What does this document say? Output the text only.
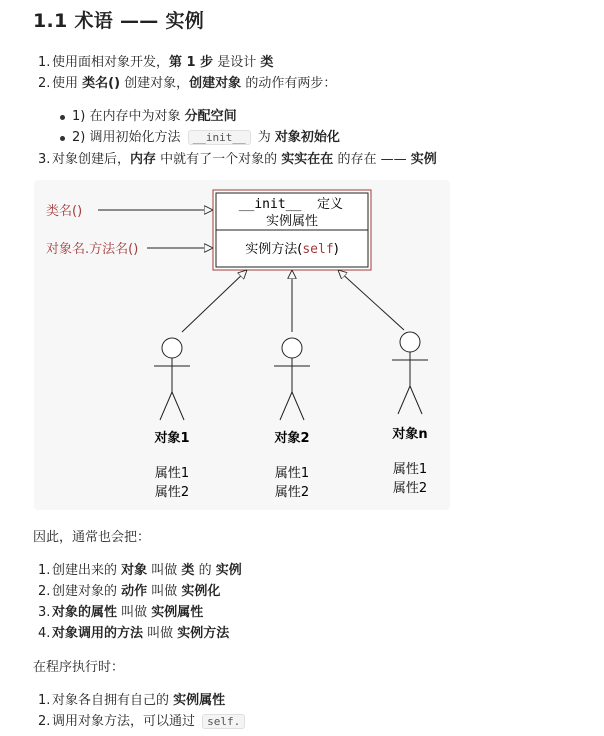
1.1 术语 —— 实例
1. 使用面相对象开发，第 1 步 是设计 类
2. 使用 类名() 创建对象，创建对象 的动作有两步：
1) 在内存中为对象 分配空间
2) 调用初始化方法 __init__ 为 对象初始化
3. 对象创建后，内存 中就有了一个对象的 实实在在 的存在 —— 实例
类名()
对象名.方法名()
__init__ 定义
实例属性
实例方法(self)
对象1
属性1
属性2
对象2
属性1
属性2
对象n
属性1
属性2

因此，通常也会把：

1. 创建出来的 对象 叫做 类 的 实例
2. 创建对象的 动作 叫做 实例化
3. 对象的属性 叫做 实例属性
4. 对象调用的方法 叫做 实例方法

在程序执行时：

1. 对象各自拥有自己的 实例属性
2. 调用对象方法，可以通过 self.
